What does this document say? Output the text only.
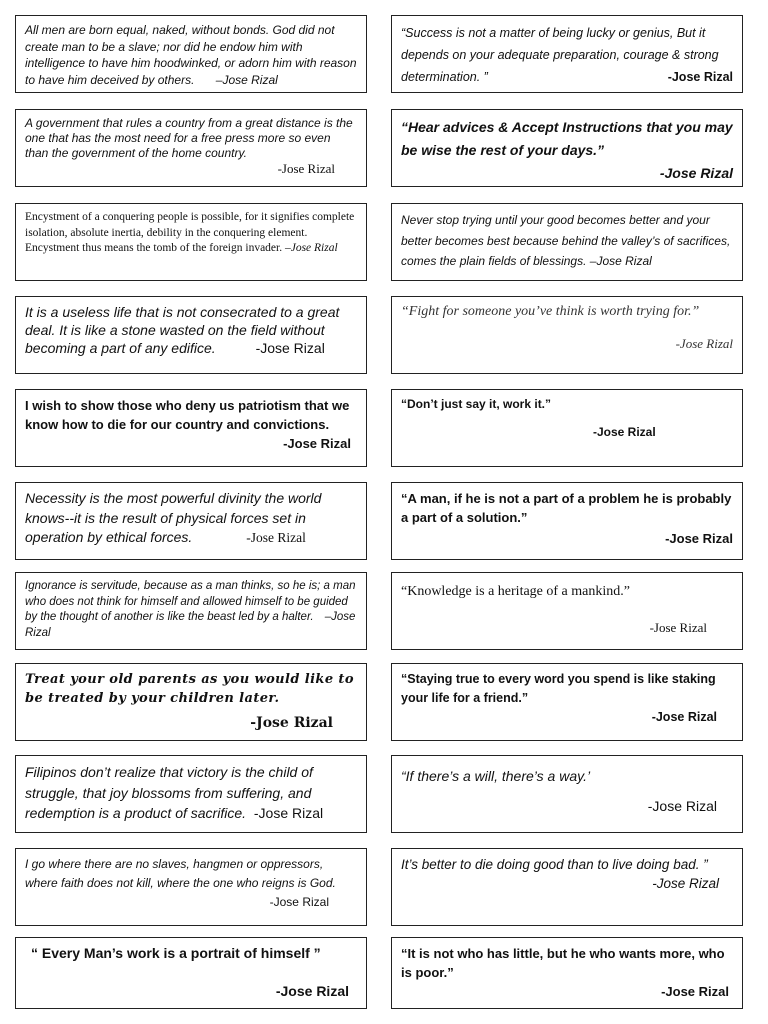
All men are born equal, naked, without bonds. God did not create man to be a slave; nor did he endow him with intelligence to have him hoodwinked, or adorn him with reason to have him deceived by others. –Jose Rizal
“Success is not a matter of being lucky or genius, But it depends on your adequate preparation, courage & strong determination. ”	-Jose Rizal

A government that rules a country from a great distance is the one that has the most need for a free press more so even than the government of the home country.

-Jose Rizal

“Hear advices & Accept Instructions that you may be wise the rest of your days.”

-Jose Rizal

Encystment of a conquering people is possible, for it signifies complete isolation, absolute inertia, debility in the conquering element. Encystment thus means the tomb of the foreign invader. –Jose Rizal
Never stop trying until your good becomes better and your better becomes best because behind the valley’s of sacrifices, comes the plain fields of blessings. –Jose Rizal
It is a useless life that is not consecrated to a great deal. It is like a stone wasted on the field without becoming a part of any edifice.	-Jose Rizal

“Fight for someone you’ve think is worth trying for.”

-Jose Rizal

I wish to show those who deny us patriotism that we know how to die for our country and convictions.

-Jose Rizal

“Don’t just say it, work it.”

-Jose Rizal

Necessity is the most powerful divinity the world knows--it is the result of physical forces set in operation by ethical forces.	-Jose Rizal

“A man, if he is not a part of a problem he is probably a part of a solution.”

-Jose Rizal

Ignorance is servitude, because as a man thinks, so he is; a man who does not think for himself and allowed himself to be guided by the thought of another is like the beast led by a halter. –Jose Rizal

“Knowledge is a heritage of a mankind.”

-Jose Rizal

Treat your old parents as you would like to be treated by your children later.

-Jose Rizal

“Staying true to every word you spend is like staking your life for a friend.”

-Jose Rizal

Filipinos don’t realize that victory is the child of struggle, that joy blossoms from suffering, and redemption is a product of sacrifice. -Jose Rizal

“If there’s a will, there’s a way.’

-Jose Rizal

I go where there are no slaves, hangmen or oppressors, where faith does not kill, where the one who reigns is God.

-Jose Rizal

It’s better to die doing good than to live doing bad. ”

-Jose Rizal

“ Every Man’s work is a portrait of himself ”

-Jose Rizal

“It is not who has little, but he who wants more, who is poor.”

-Jose Rizal
